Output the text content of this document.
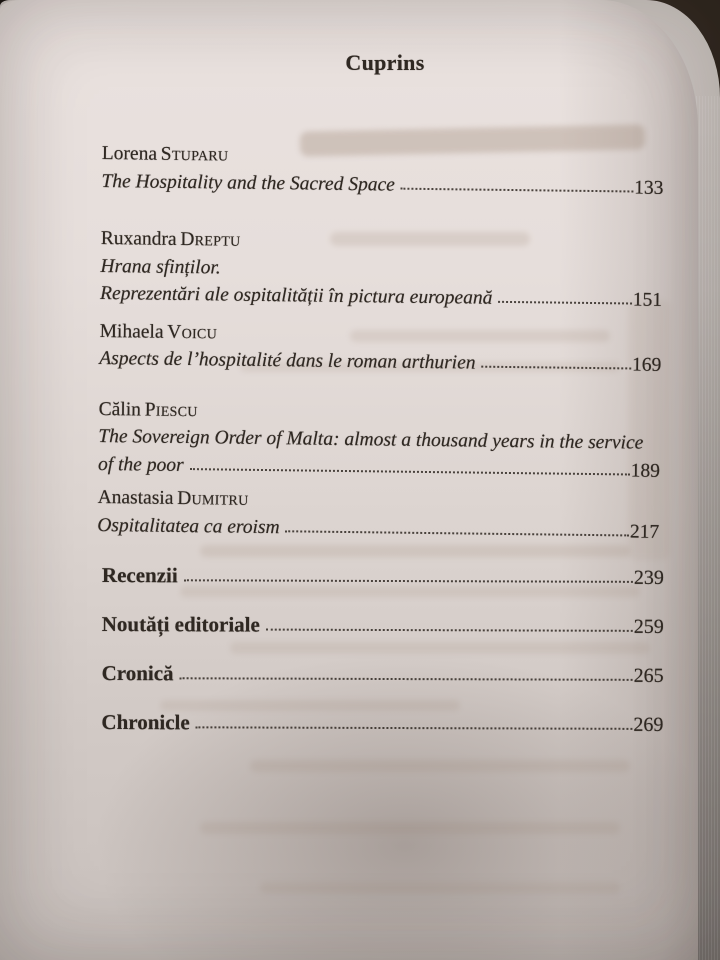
Cuprins
Lorena Stuparu
The Hospitality and the Sacred Space	133
Ruxandra Dreptu
Hrana sfinților.
Reprezentări ale ospitalității în pictura europeană	151
Mihaela Voicu
Aspects de l’hospitalité dans le roman arthurien	169
Călin Piescu
The Sovereign Order of Malta: almost a thousand years in the service
of the poor	189
Anastasia Dumitru
Ospitalitatea ca eroism	217
Recenzii	239
Noutăți editoriale	259
Cronică	265
Chronicle	269
